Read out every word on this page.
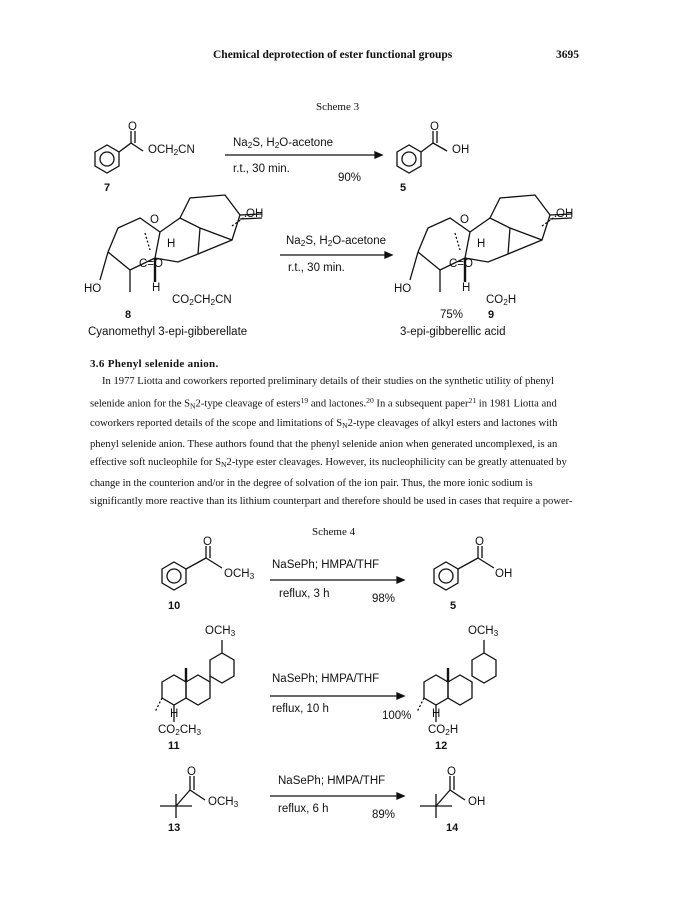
Chemical deprotection of ester functional groups	3695
Scheme 3
O
$OCH_2CN$
7
$Na_2S$, $H_2O$-acetone
r.t., 30 min.
90%
O
OH
5
O	OH
H
C=O
HO	H
$CO_2CH_2CN$
8
Cyanomethyl 3-epi-gibberellate
$Na_2S$, $H_2O$-acetone
r.t., 30 min.
O	OH
H
C=O
HO	H
$CO_2H$
75% 9
3-epi-gibberellic acid
3.6 Phenyl selenide anion.
In 1977 Liotta and coworkers reported preliminary details of their studies on the synthetic utility of phenyl
selenide anion for the $S_N2$-type cleavage of esters$^{19}$ and lactones.$^{20}$ In a subsequent paper$^{21}$ in 1981 Liotta and
coworkers reported details of the scope and limitations of $S_N2$-type cleavages of alkyl esters and lactones with
phenyl selenide anion. These authors found that the phenyl selenide anion when generated uncomplexed, is an
effective soft nucleophile for $S_N2$-type ester cleavages. However, its nucleophilicity can be greatly attenuated by
change in the counterion and/or in the degree of solvation of the ion pair. Thus, the more ionic sodium is
significantly more reactive than its lithium counterpart and therefore should be used in cases that require a power-
Scheme 4
O
$OCH_3$
10
NaSePh; HMPA/THF
reflux, 3 h	98%
O
OH
5
$OCH_3$
H
$CO_2CH_3$
11
NaSePh; HMPA/THF
reflux, 10 h
100%
$OCH_3$
H
$CO_2H$
12
O
$OCH_3$
13
NaSePh; HMPA/THF
reflux, 6 h	89%
O
OH
14
